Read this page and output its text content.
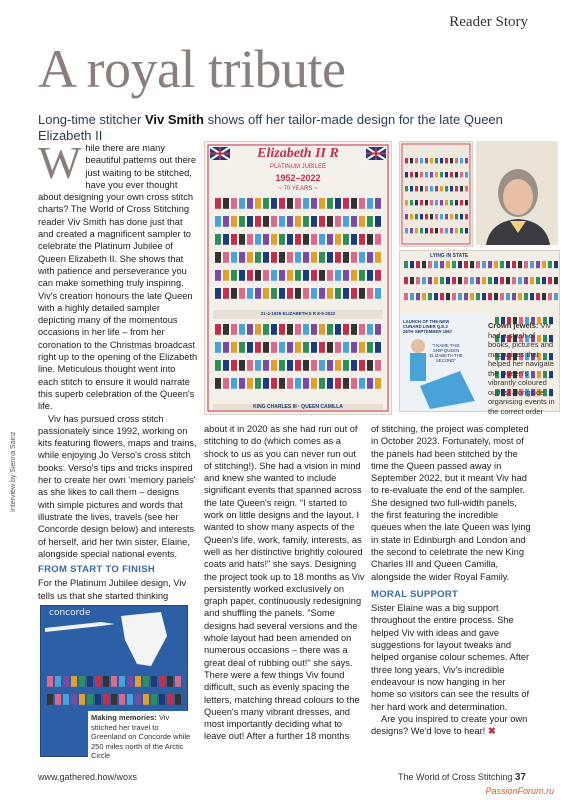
Reader Story
A royal tribute
Long-time stitcher Viv Smith shows off her tailor-made design for the late Queen Elizabeth II

While there are many beautiful patterns out there just waiting to be stitched, have you ever thought about designing your own cross stitch charts? The World of Cross Stitching reader Viv Smith has done just that and created a magnificent sampler to celebrate the Platinum Jubilee of Queen Elizabeth II. She shows that with patience and perseverance you can make something truly inspiring. Viv's creation honours the late Queen with a highly detailed sampler depicting many of the momentous occasions in her life – from her coronation to the Christmas broadcast right up to the opening of the Elizabeth line. Meticulous thought went into each stitch to ensure it would narrate this superb celebration of the Queen's life.

Viv has pursued cross stitch passionately since 1992, working on kits featuring flowers, maps and trains, while enjoying Jo Verso's cross stitch books. Verso's tips and tricks inspired her to create her own 'memory panels' as she likes to call them – designs with simple pictures and words that illustrate the lives, travels (see her Concorde design below) and interests of herself, and her twin sister, Elaine, alongside special national events.

FROM START TO FINISH

For the Platinum Jubilee design, Viv tells us that she started thinking

about it in 2020 as she had run out of stitching to do (which comes as a shock to us as you can never run out of stitching!). She had a vision in mind and knew she wanted to include significant events that spanned across the late Queen's reign. "I started to work on little designs and the layout. I wanted to show many aspects of the Queen's life, work, family, interests, as well as her distinctive brightly coloured coats and hats!" she says. Designing the project took up to 18 months as Viv persistently worked exclusively on graph paper, continuously redesigning and shuffling the panels. "Some designs had several versions and the whole layout had been amended on numerous occasions – there was a great deal of rubbing out!" she says. There were a few things Viv found difficult, such as evenly spacing the letters, matching thread colours to the Queen's many vibrant dresses, and most importantly deciding what to leave out! After a further 18 months

of stitching, the project was completed in October 2023. Fortunately, most of the panels had been stitched by the time the Queen passed away in September 2022, but it meant Viv had to re-evaluate the end of the sampler. She designed two full-width panels, the first featuring the incredible queues when the late Queen was lying in state in Edinburgh and London and the second to celebrate the new King Charles III and Queen Camilla, alongside the wider Royal Family.

MORAL SUPPORT

Sister Elaine was a big support throughout the entire process. She helped Viv with ideas and gave suggestions for layout tweaks and helped organise colour schemes. After three long years, Viv's incredible endeavour is now hanging in her home so visitors can see the results of her hard work and determination.

Are you inspired to create your own designs? We'd love to hear! ✖

Elizabeth II R
PLATINUM JUBILEE
1952–2022
~ 70 YEARS ~
21·4·1926 ELIZABETH II R 8·9·2022
KING CHARLES III · QUEEN CAMILLA
LYING IN STATE
LAUNCH OF THE NEW CUNARD LINER Q.E.2 26TH SEPTEMBER 1967
"I NAME THIS SHIP QUEEN ELIZABETH THE SECOND"
Crown jewels: Viv had a stash of books, pictures and magazines that helped her navigate the Queen's vibrantly coloured outfits, alongside organising events in the correct order
concorde
Making memories: Viv stitched her travel to Greenland on Concorde while 250 miles north of the Arctic Circle
Interview by Sienna Sainz
www.gathered.how/woxs	The World of Cross Stitching 37
PassionForum.ru
